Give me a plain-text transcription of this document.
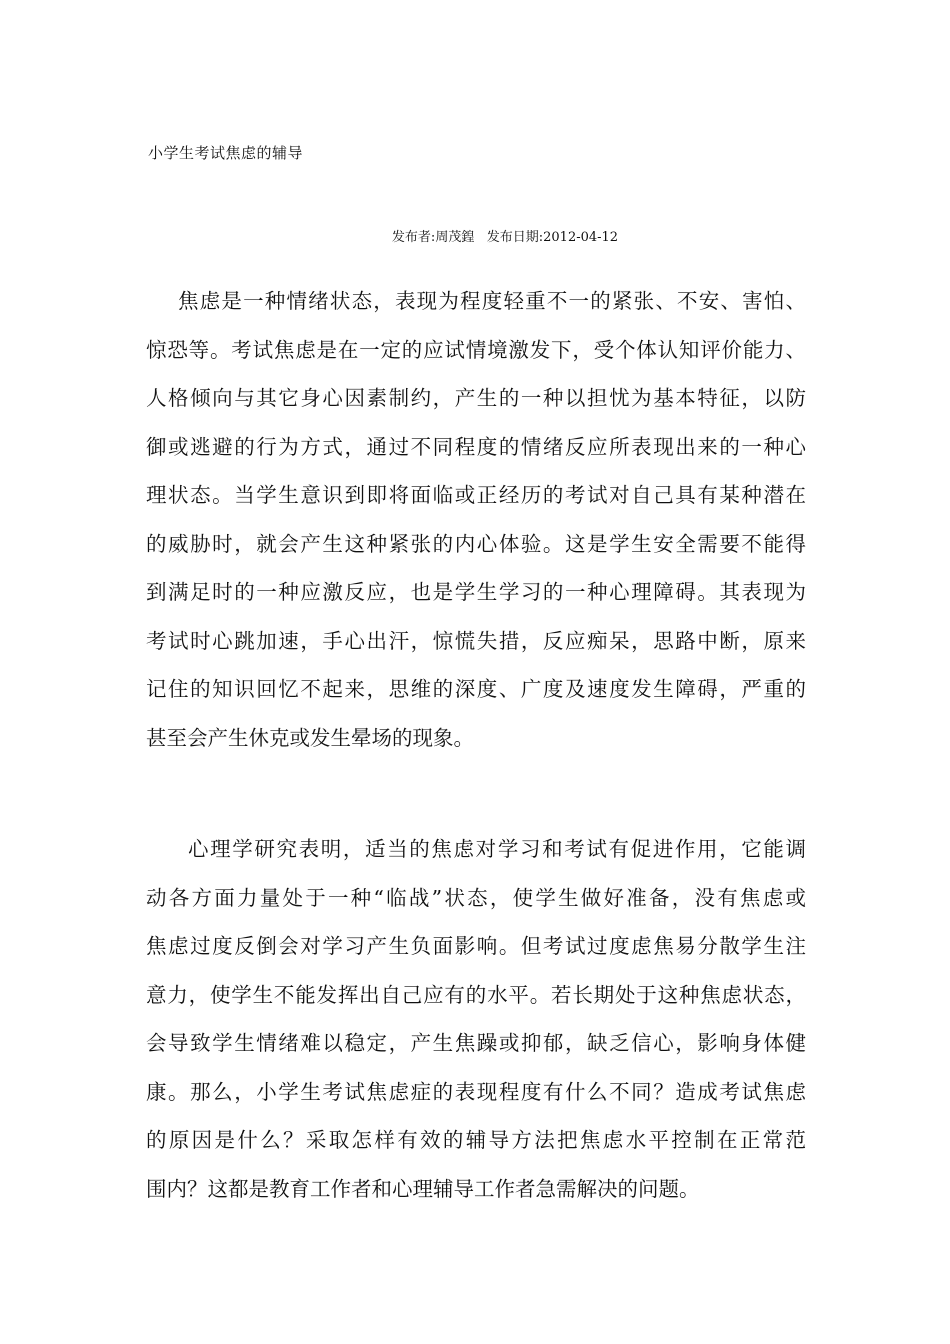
小学生考试焦虑的辅导
发布者:周茂鍠 发布日期:2012-04-12
焦虑是一种情绪状态，表现为程度轻重不一的紧张、不安、害怕、
惊恐等。考试焦虑是在一定的应试情境激发下，受个体认知评价能力、
人格倾向与其它身心因素制约，产生的一种以担忧为基本特征，以防
御或逃避的行为方式，通过不同程度的情绪反应所表现出来的一种心
理状态。当学生意识到即将面临或正经历的考试对自己具有某种潜在
的威胁时，就会产生这种紧张的内心体验。这是学生安全需要不能得
到满足时的一种应激反应，也是学生学习的一种心理障碍。其表现为
考试时心跳加速，手心出汗，惊慌失措，反应痴呆，思路中断，原来
记住的知识回忆不起来，思维的深度、广度及速度发生障碍，严重的
甚至会产生休克或发生晕场的现象。
心理学研究表明，适当的焦虑对学习和考试有促进作用，它能调
动各方面力量处于一种“临战”状态，使学生做好准备，没有焦虑或
焦虑过度反倒会对学习产生负面影响。但考试过度虑焦易分散学生注
意力，使学生不能发挥出自己应有的水平。若长期处于这种焦虑状态，
会导致学生情绪难以稳定，产生焦躁或抑郁，缺乏信心，影响身体健
康。那么，小学生考试焦虑症的表现程度有什么不同？造成考试焦虑
的原因是什么？采取怎样有效的辅导方法把焦虑水平控制在正常范
围内？这都是教育工作者和心理辅导工作者急需解决的问题。
